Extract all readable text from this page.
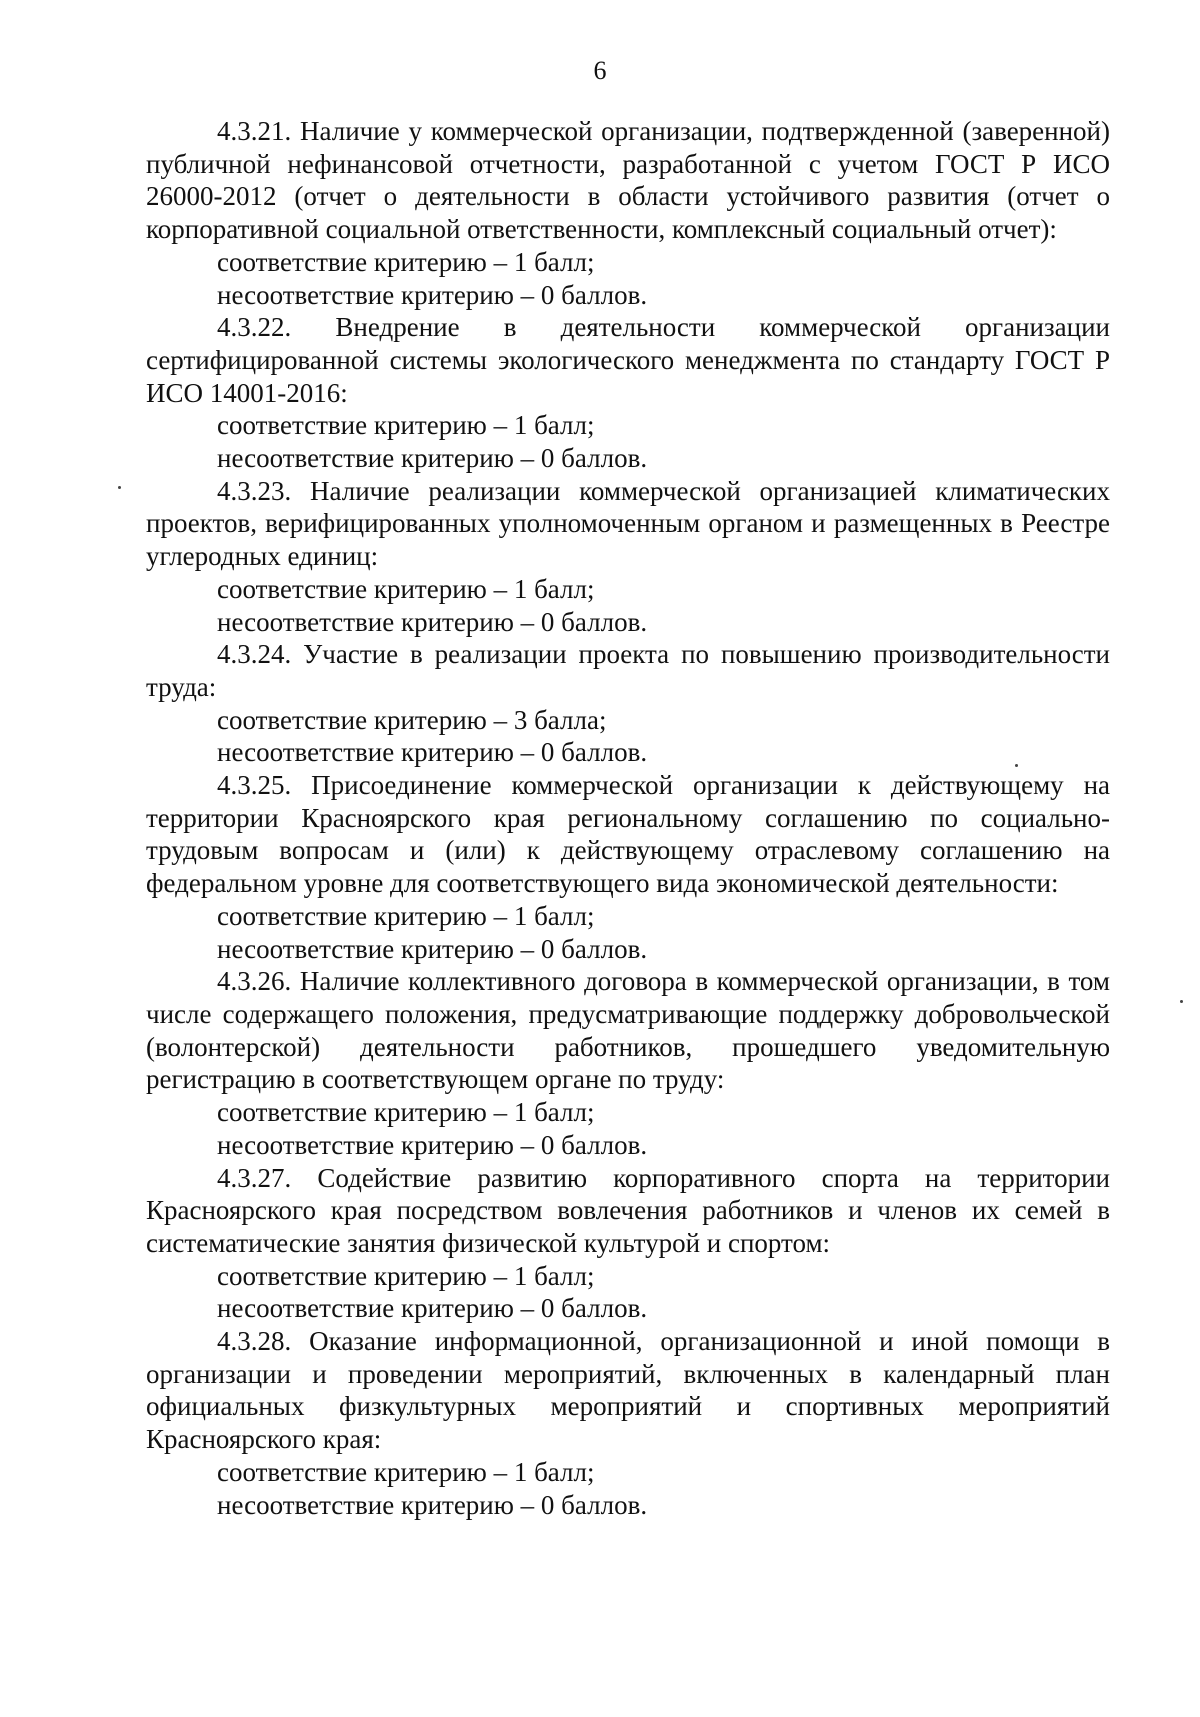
6

4.3.21. Наличие у коммерческой организации, подтвержденной (заверенной) публичной нефинансовой отчетности, разработанной с учетом ГОСТ Р ИСО 26000-2012 (отчет о деятельности в области устойчивого развития (отчет о корпоративной социальной ответственности, комплексный социальный отчет):

соответствие критерию – 1 балл;

несоответствие критерию – 0 баллов.

4.3.22. Внедрение в деятельности коммерческой организации сертифицированной системы экологического менеджмента по стандарту ГОСТ Р ИСО 14001-2016:

соответствие критерию – 1 балл;

несоответствие критерию – 0 баллов.

4.3.23. Наличие реализации коммерческой организацией климатических проектов, верифицированных уполномоченным органом и размещенных в Реестре углеродных единиц:

соответствие критерию – 1 балл;

несоответствие критерию – 0 баллов.

4.3.24. Участие в реализации проекта по повышению производительности труда:

соответствие критерию – 3 балла;

несоответствие критерию – 0 баллов.

4.3.25. Присоединение коммерческой организации к действующему на территории Красноярского края региональному соглашению по социально-трудовым вопросам и (или) к действующему отраслевому соглашению на федеральном уровне для соответствующего вида экономической деятельности:

соответствие критерию – 1 балл;

несоответствие критерию – 0 баллов.

4.3.26. Наличие коллективного договора в коммерческой организации, в том числе содержащего положения, предусматривающие поддержку добровольческой (волонтерской) деятельности работников, прошедшего уведомительную регистрацию в соответствующем органе по труду:

соответствие критерию – 1 балл;

несоответствие критерию – 0 баллов.

4.3.27. Содействие развитию корпоративного спорта на территории Красноярского края посредством вовлечения работников и членов их семей в систематические занятия физической культурой и спортом:

соответствие критерию – 1 балл;

несоответствие критерию – 0 баллов.

4.3.28. Оказание информационной, организационной и иной помощи в организации и проведении мероприятий, включенных в календарный план официальных физкультурных мероприятий и спортивных мероприятий Красноярского края:

соответствие критерию – 1 балл;

несоответствие критерию – 0 баллов.
